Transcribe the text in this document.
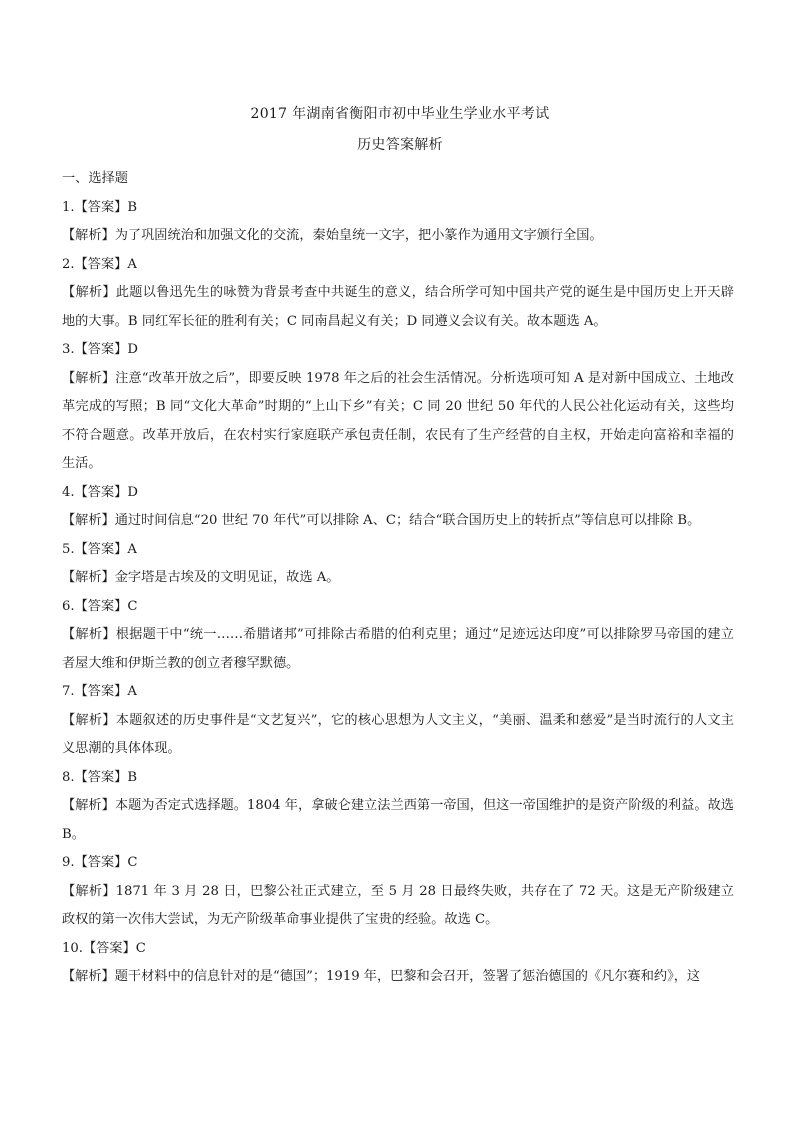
2017 年湖南省衡阳市初中毕业生学业水平考试
历史答案解析

一、选择题

1.【答案】B

【解析】为了巩固统治和加强文化的交流，秦始皇统一文字，把小篆作为通用文字颁行全国。

2.【答案】A

【解析】此题以鲁迅先生的咏赞为背景考查中共诞生的意义，结合所学可知中国共产党的诞生是中国历史上开天辟地的大事。B 同红军长征的胜利有关；C 同南昌起义有关；D 同遵义会议有关。故本题选 A。

3.【答案】D

【解析】注意“改革开放之后”，即要反映 1978 年之后的社会生活情况。分析选项可知 A 是对新中国成立、土地改革完成的写照；B 同“文化大革命”时期的“上山下乡”有关；C 同 20 世纪 50 年代的人民公社化运动有关，这些均不符合题意。改革开放后，在农村实行家庭联产承包责任制，农民有了生产经营的自主权，开始走向富裕和幸福的生活。

4.【答案】D

【解析】通过时间信息“20 世纪 70 年代”可以排除 A、C；结合“联合国历史上的转折点”等信息可以排除 B。

5.【答案】A

【解析】金字塔是古埃及的文明见证，故选 A。

6.【答案】C

【解析】根据题干中“统一……希腊诸邦”可排除古希腊的伯利克里；通过“足迹远达印度”可以排除罗马帝国的建立者屋大维和伊斯兰教的创立者穆罕默德。

7.【答案】A

【解析】本题叙述的历史事件是“文艺复兴”，它的核心思想为人文主义，“美丽、温柔和慈爱”是当时流行的人文主义思潮的具体体现。

8.【答案】B

【解析】本题为否定式选择题。1804 年，拿破仑建立法兰西第一帝国，但这一帝国维护的是资产阶级的利益。故选 B。

9.【答案】C

【解析】1871 年 3 月 28 日，巴黎公社正式建立，至 5 月 28 日最终失败，共存在了 72 天。这是无产阶级建立政权的第一次伟大尝试，为无产阶级革命事业提供了宝贵的经验。故选 C。

10.【答案】C

【解析】题干材料中的信息针对的是“德国”；1919 年，巴黎和会召开，签署了惩治德国的《凡尔赛和约》，这
